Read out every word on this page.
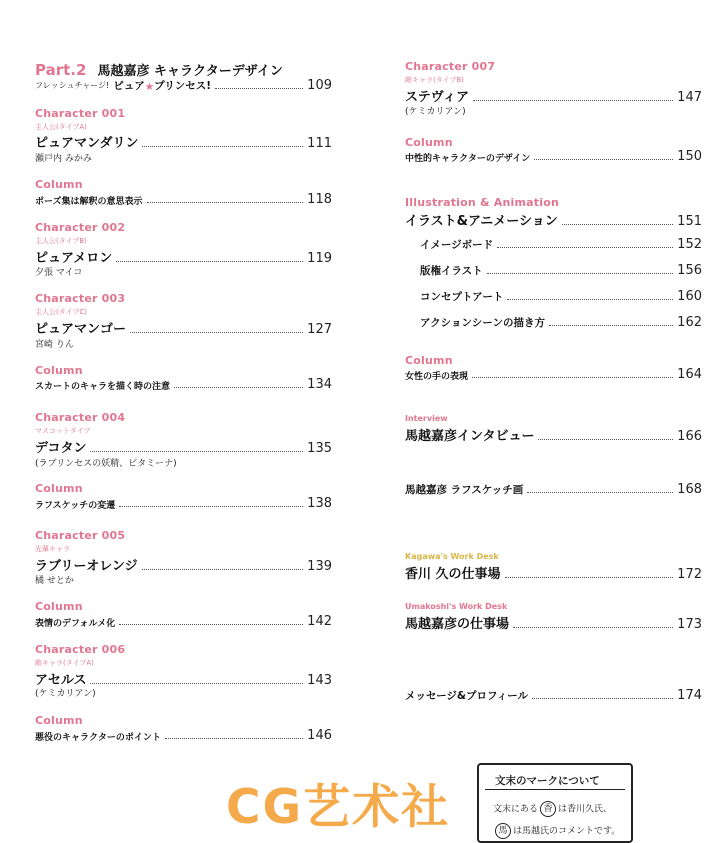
Part.2 馬越嘉彦 キャラクターデザイン
フレッシュチャージ! ピュア ★ プリンセス!	109
Character 001
主人公(タイプA)
ピュアマンダリン	111
瀬戸内 みかみ
Column
ポーズ集は解釈の意思表示	118
Character 002
主人公(タイプB)
ピュアメロン	119
夕張 マイコ
Character 003
主人公(タイプC)
ピュアマンゴー	127
宮崎 りん
Column
スカートのキャラを描く時の注意	134
Character 004
マスコットタイプ
デコタン	135
(ラブリンセスの妖精、ビタミーナ)
Column
ラフスケッチの変遷	138
Character 005
先輩キャラ
ラブリーオレンジ	139
橘 せとか
Column
表情のデフォルメ化	142
Character 006
敵キャラ(タイプA)
アセルス	143
(ケミカリアン)
Column
悪役のキャラクターのポイント	146
Character 007
敵キャラ(タイプB)
ステヴィア	147
(ケミカリアン)
Column
中性的キャラクターのデザイン	150
Illustration & Animation
イラスト&アニメーション	151
イメージボード	152
版権イラスト	156
コンセプトアート	160
アクションシーンの描き方	162
Column
女性の手の表現	164
Interview
馬越嘉彦インタビュー	166
馬越嘉彦 ラフスケッチ画	168
Kagawa's Work Desk
香川 久の仕事場	172
Umakoshi's Work Desk
馬越嘉彦の仕事場	173
メッセージ&プロフィール	174
CG艺术社	文末のマークについて
文末にある 香 は香川久氏、
馬 は馬越氏のコメントです。
